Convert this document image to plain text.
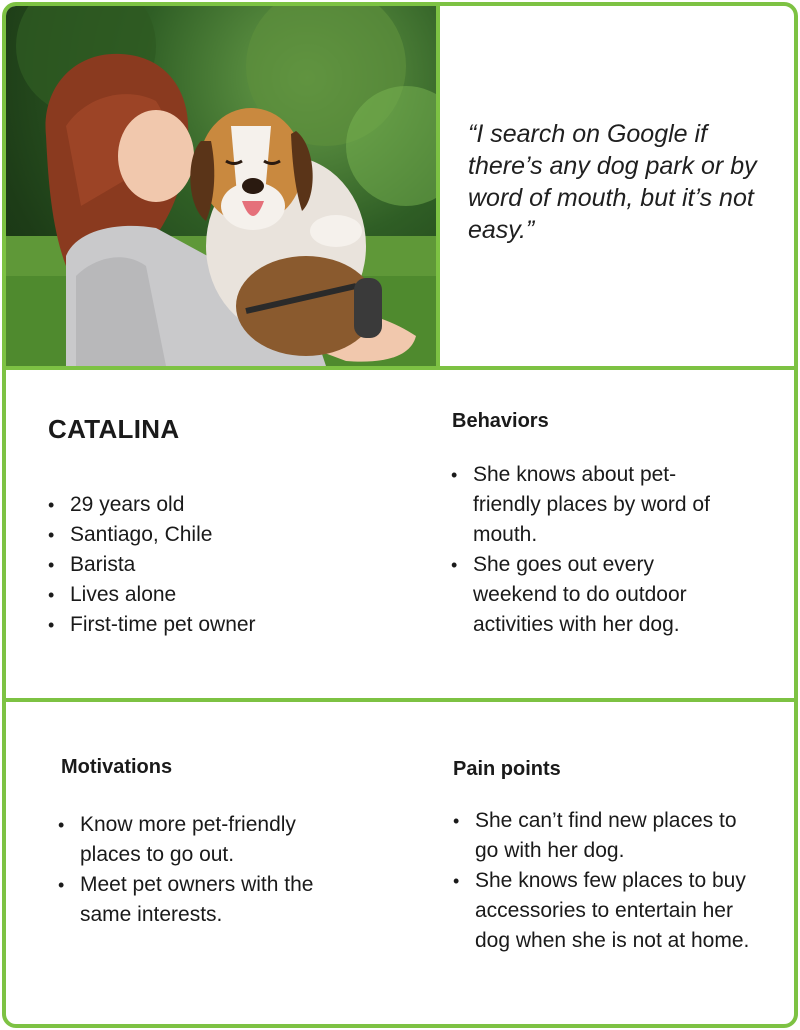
“I search on Google if there’s any dog park or by word of mouth, but it’s not easy.”

CATALINA
• 29 years old
• Santiago, Chile
• Barista
• Lives alone
• First-time pet owner
Behaviors
• She knows about pet-friendly places by word of mouth.
• She goes out every weekend to do outdoor activities with her dog.
Motivations
• Know more pet-friendly places to go out.
• Meet pet owners with the same interests.
Pain points
• She can’t find new places to go with her dog.
• She knows few places to buy accessories to entertain her dog when she is not at home.
